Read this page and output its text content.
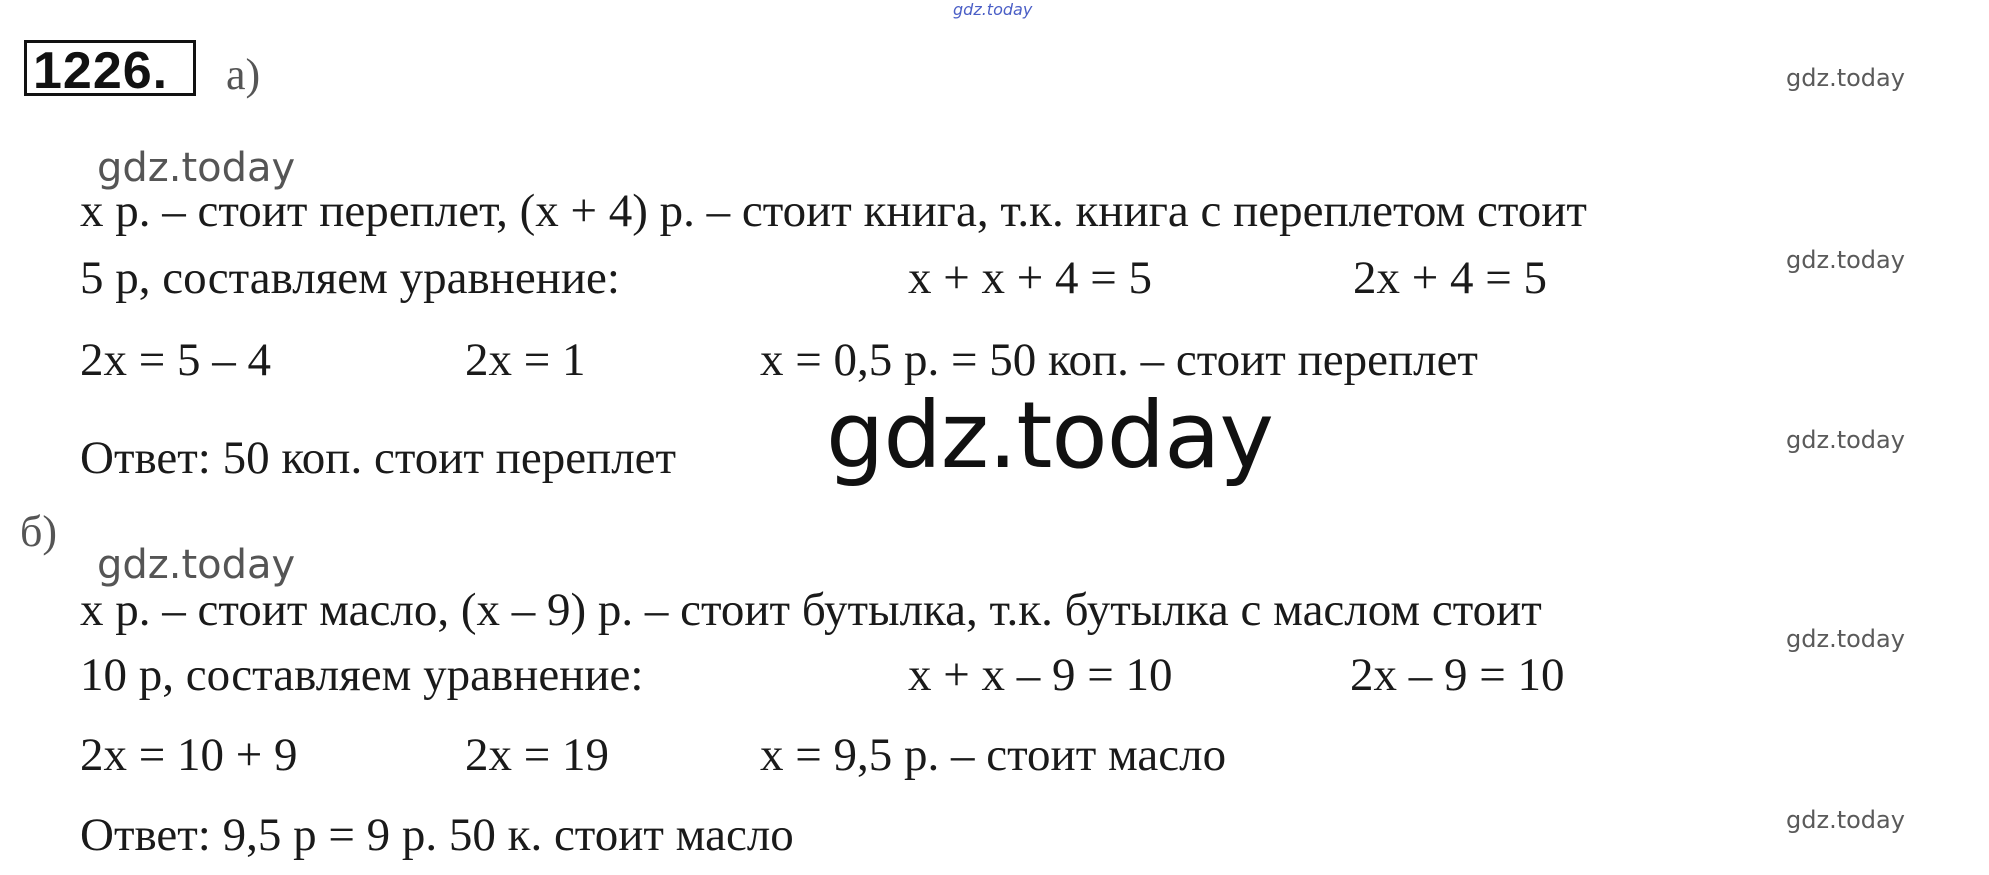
gdz.today
1226. а)	gdz.today
gdz.today
х р. – стоит переплет, (х + 4) р. – стоит книга, т.к. книга с переплетом стоит
5 р, составляем уравнение:	х + х + 4 = 5	2х + 4 = 5	gdz.today
2х = 5 – 4	2х = 1	х = 0,5 р. = 50 коп. – стоит переплет
Ответ: 50 коп. стоит переплет gdz.today	gdz.today
б)
gdz.today
х р. – стоит масло, (х – 9) р. – стоит бутылка, т.к. бутылка с маслом стоит
gdz.today
10 р, составляем уравнение:	х + х – 9 = 10	2х – 9 = 10
2х = 10 + 9	2х = 19	х = 9,5 р. – стоит масло
Ответ: 9,5 р = 9 р. 50 к. стоит масло	gdz.today
